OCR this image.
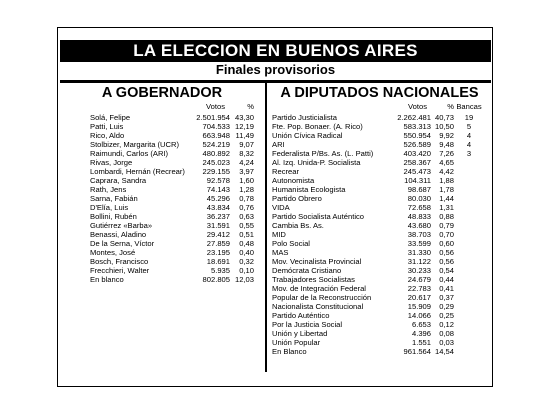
LA ELECCION EN BUENOS AIRES
Finales provisorios
A GOBERNADOR
Votos	%
Solá, Felipe	2.501.954 43,30
Patti, Luis	704.533 12,19
Rico, Aldo	663.948 11,49
Stolbizer, Margarita (UCR)	524.219	9,07
Raimundi, Carlos (ARI)	480.892	8,32
Rivas, Jorge	245.023	4,24
Lombardi, Hernán (Recrear)	229.155	3,97
Caprara, Sandra	92.578	1,60
Rath, Jens	74.143	1,28
Sarna, Fabián	45.296	0,78
D'Elía, Luis	43.834	0,76
Bollini, Rubén	36.237	0,63
Gutiérrez «Barba»	31.591	0,55
Benassi, Aladino	29.412	0,51
De la Serna, Víctor	27.859	0,48
Montes, José	23.195	0,40
Bosch, Francisco	18.691	0,32
Frecchieri, Walter	5.935	0,10
En blanco	802.805 12,03
A DIPUTADOS NACIONALES
Votos	% Bancas
Partido Justicialista	2.262.481 40,73	19
Fte. Pop. Bonaer. (A. Rico)	583.313 10,50	5
Unión Cívica Radical	550.954	9,92	4
ARI	526.589	9,48	4
Federalista P/Bs. As. (L. Patti)	403.420	7,26	3
Al. Izq. Unida-P. Socialista	258.367	4,65
Recrear	245.473	4,42
Autonomista	104.311	1,88
Humanista Ecologista	98.687	1,78
Partido Obrero	80.030	1,44
VIDA	72.658	1,31
Partido Socialista Auténtico	48.833	0,88
Cambia Bs. As.	43.680	0,79
MID	38.703	0,70
Polo Social	33.599	0,60
MAS	31.330	0,56
Mov. Vecinalista Provincial	31.122	0,56
Demócrata Cristiano	30.233	0,54
Trabajadores Socialistas	24.679	0,44
Mov. de Integración Federal	22.783	0,41
Popular de la Reconstrucción	20.617	0,37
Nacionalista Constitucional	15.909	0,29
Partido Auténtico	14.066	0,25
Por la Justicia Social	6.653	0,12
Unión y Libertad	4.396	0,08
Unión Popular	1.551	0,03
En Blanco	961.564 14,54
